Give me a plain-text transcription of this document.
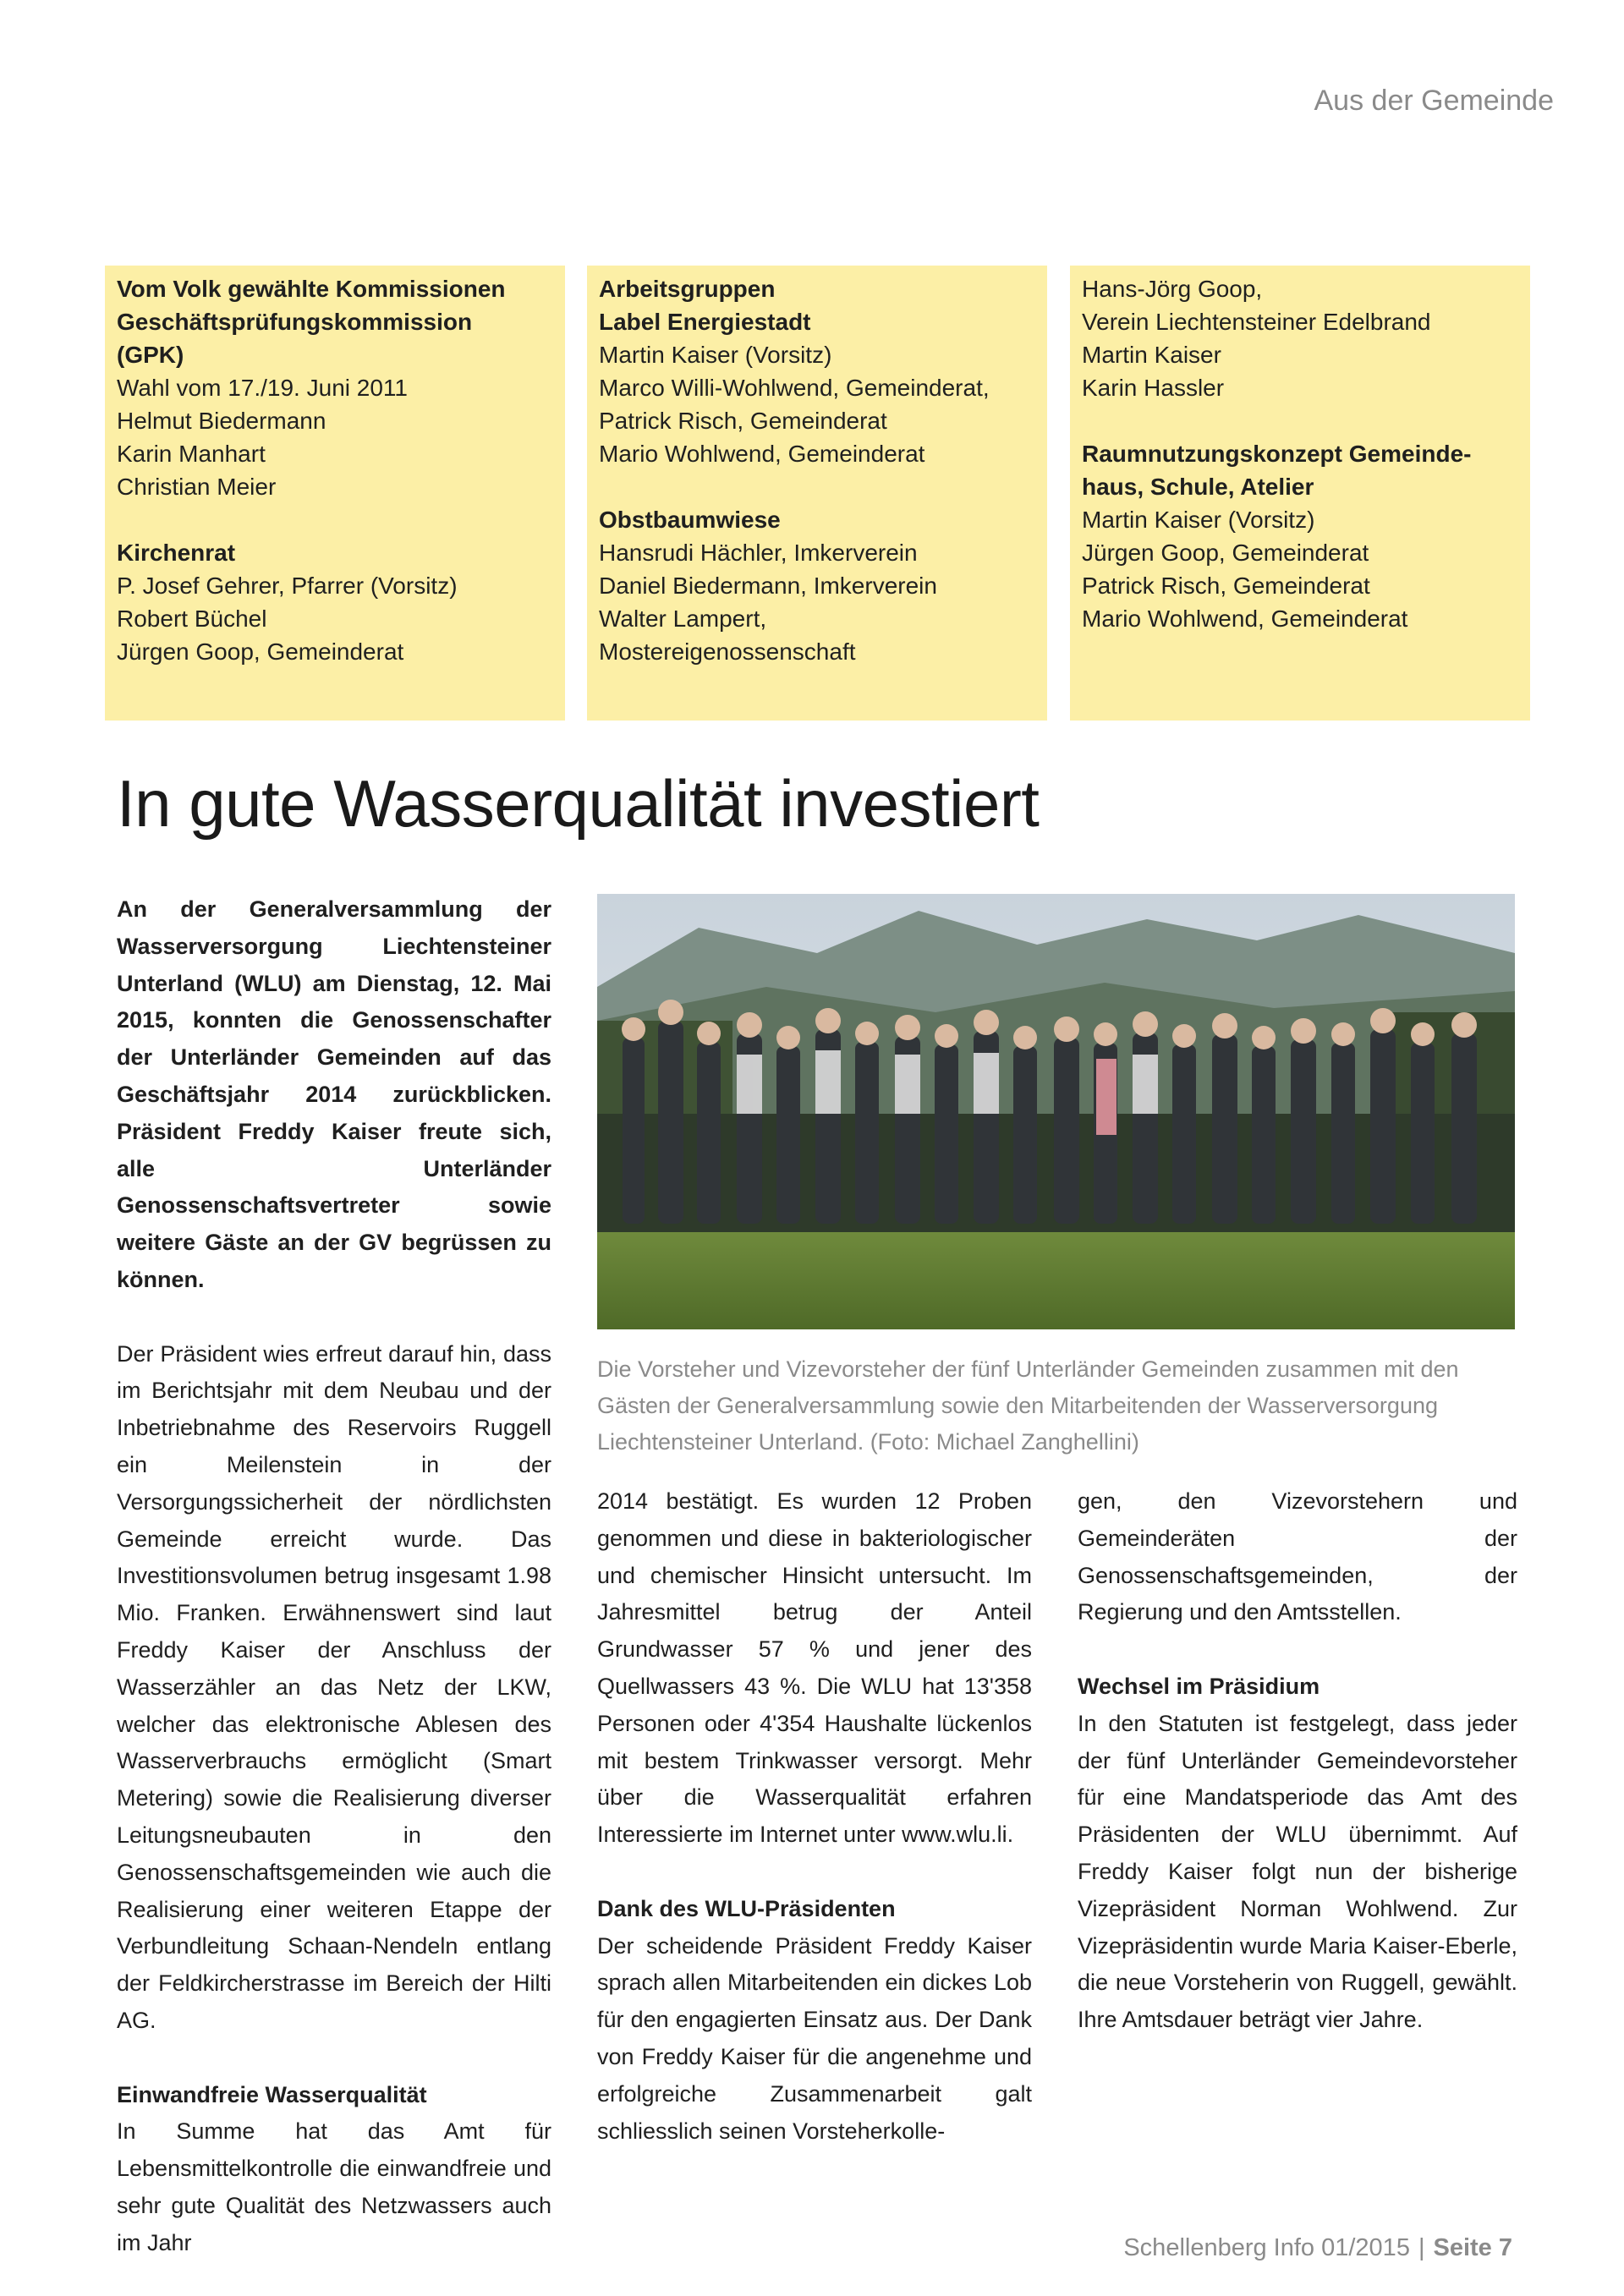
Aus der Gemeinde
Vom Volk gewählte Kommissionen
Geschäftsprüfungskommission
(GPK)
Wahl vom 17./19. Juni 2011
Helmut Biedermann
Karin Manhart
Christian Meier
Kirchenrat
P. Josef Gehrer, Pfarrer (Vorsitz)
Robert Büchel
Jürgen Goop, Gemeinderat
Arbeitsgruppen
Label Energiestadt
Martin Kaiser (Vorsitz)
Marco Willi-Wohlwend, Gemeinderat,
Patrick Risch, Gemeinderat
Mario Wohlwend, Gemeinderat
Obstbaumwiese
Hansrudi Hächler, Imkerverein
Daniel Biedermann, Imkerverein
Walter Lampert,
Mostereigenossenschaft
Hans-Jörg Goop,
Verein Liechtensteiner Edelbrand
Martin Kaiser
Karin Hassler
Raumnutzungskonzept Gemeinde-
haus, Schule, Atelier
Martin Kaiser (Vorsitz)
Jürgen Goop, Gemeinderat
Patrick Risch, Gemeinderat
Mario Wohlwend, Gemeinderat
In gute Wasserqualität investiert

An der Generalversammlung der Wasserversorgung Liechtensteiner Unterland (WLU) am Dienstag, 12. Mai 2015, konnten die Genossenschafter der Unterländer Gemeinden auf das Geschäftsjahr 2014 zurückblicken. Präsident Freddy Kaiser freute sich, alle Unterländer Genossenschaftsvertreter sowie weitere Gäste an der GV begrüssen zu können.

Der Präsident wies erfreut darauf hin, dass im Berichtsjahr mit dem Neubau und der Inbetriebnahme des Reservoirs Ruggell ein Meilenstein in der Versorgungssicherheit der nördlichsten Gemeinde erreicht wurde. Das Investitionsvolumen betrug insgesamt 1.98 Mio. Franken. Erwähnenswert sind laut Freddy Kaiser der Anschluss der Wasserzähler an das Netz der LKW, welcher das elektronische Ablesen des Wasserverbrauchs ermöglicht (Smart Metering) sowie die Realisierung diverser Leitungsneubauten in den Genossenschaftsgemeinden wie auch die Realisierung einer weiteren Etappe der Verbundleitung Schaan-Nendeln entlang der Feldkircherstrasse im Bereich der Hilti AG.

Einwandfreie Wasserqualität

In Summe hat das Amt für Lebensmittelkontrolle die einwandfreie und sehr gute Qualität des Netzwassers auch im Jahr

Die Vorsteher und Vizevorsteher der fünf Unterländer Gemeinden zusammen mit den Gästen der Generalversammlung sowie den Mitarbeitenden der Wasserversorgung Liechtensteiner Unterland. (Foto: Michael Zanghellini)

2014 bestätigt. Es wurden 12 Proben genommen und diese in bakteriologischer und chemischer Hinsicht untersucht. Im Jahresmittel betrug der Anteil Grundwasser 57 % und jener des Quellwassers 43 %. Die WLU hat 13'358 Personen oder 4'354 Haushalte lückenlos mit bestem Trinkwasser versorgt. Mehr über die Wasserqualität erfahren Interessierte im Internet unter www.wlu.li.

Dank des WLU-Präsidenten

Der scheidende Präsident Freddy Kaiser sprach allen Mitarbeitenden ein dickes Lob für den engagierten Einsatz aus. Der Dank von Freddy Kaiser für die angenehme und erfolgreiche Zusammenarbeit galt schliesslich seinen Vorsteherkolle-

gen, den Vizevorstehern und Gemeinderäten der Genossenschaftsgemeinden, der Regierung und den Amtsstellen.

Wechsel im Präsidium

In den Statuten ist festgelegt, dass jeder der fünf Unterländer Gemeindevorsteher für eine Mandatsperiode das Amt des Präsidenten der WLU übernimmt. Auf Freddy Kaiser folgt nun der bisherige Vizepräsident Norman Wohlwend. Zur Vizepräsidentin wurde Maria Kaiser-Eberle, die neue Vorsteherin von Ruggell, gewählt. Ihre Amtsdauer beträgt vier Jahre.

Schellenberg Info 01/2015 | Seite 7
